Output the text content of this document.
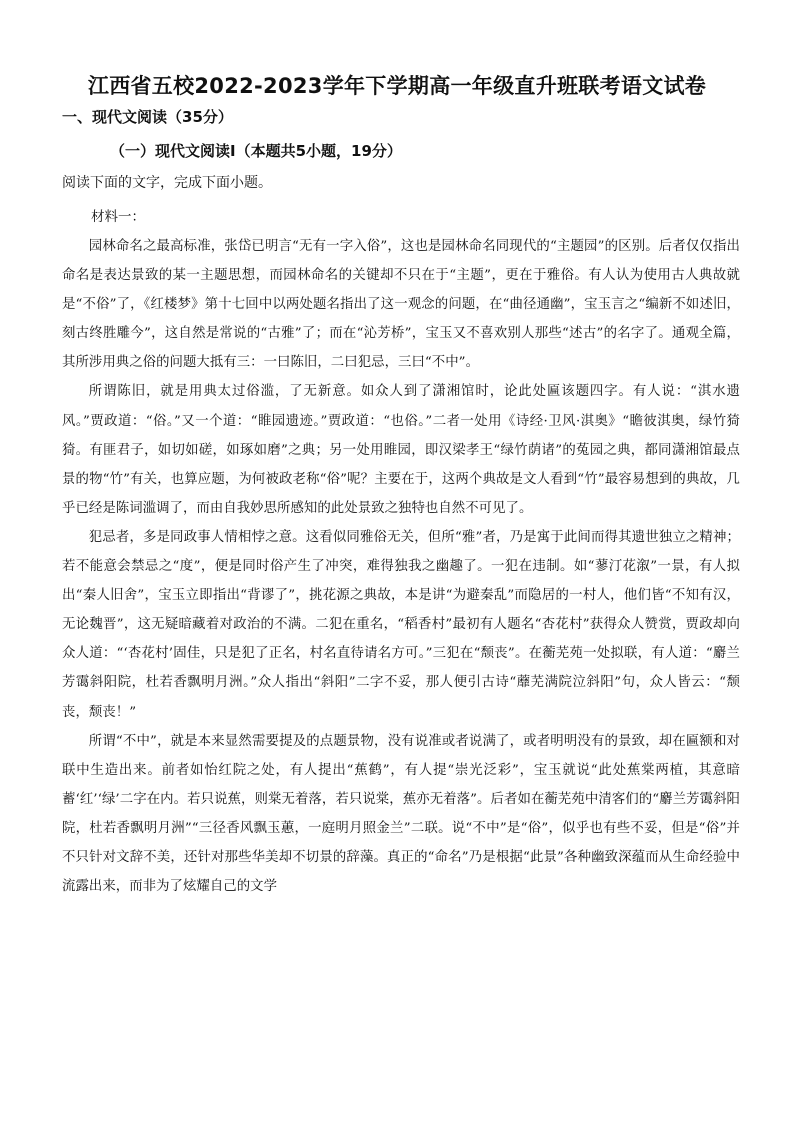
江西省五校2022-2023学年下学期高一年级直升班联考语文试卷
一、现代文阅读（35分）
（一）现代文阅读Ⅰ（本题共5小题，19分）

阅读下面的文字，完成下面小题。

材料一：

园林命名之最高标准，张岱已明言“无有一字入俗”，这也是园林命名同现代的“主题园”的区别。后者仅仅指出命名是表达景致的某一主题思想，而园林命名的关键却不只在于“主题”，更在于雅俗。有人认为使用古人典故就是“不俗”了，《红楼梦》第十七回中以两处题名指出了这一观念的问题，在“曲径通幽”，宝玉言之“编新不如述旧，刻古终胜雕今”，这自然是常说的“古雅”了；而在“沁芳桥”，宝玉又不喜欢别人那些“述古”的名字了。通观全篇，其所涉用典之俗的问题大抵有三：一曰陈旧，二曰犯忌，三曰“不中”。

所谓陈旧，就是用典太过俗滥，了无新意。如众人到了潇湘馆时，论此处匾该题四字。有人说：“淇水遗风。”贾政道：“俗。”又一个道：“睢园遗迹。”贾政道：“也俗。”二者一处用《诗经·卫风·淇奥》“瞻彼淇奥，绿竹猗猗。有匪君子，如切如磋，如琢如磨”之典；另一处用睢园，即汉梁孝王“绿竹荫诸”的菟园之典，都同潇湘馆最点景的物“竹”有关，也算应题，为何被政老称“俗”呢？主要在于，这两个典故是文人看到“竹”最容易想到的典故，几乎已经是陈词滥调了，而由自我妙思所感知的此处景致之独特也自然不可见了。

犯忌者，多是同政事人情相悖之意。这看似同雅俗无关，但所“雅”者，乃是寓于此间而得其遗世独立之精神；若不能意会禁忌之“度”，便是同时俗产生了冲突，难得独我之幽趣了。一犯在违制。如“蓼汀花溆”一景，有人拟出“秦人旧舍”，宝玉立即指出“背谬了”，挑花源之典故，本是讲“为避秦乱”而隐居的一村人，他们皆“不知有汉，无论魏晋”，这无疑暗藏着对政治的不满。二犯在重名，“稻香村”最初有人题名“杏花村”获得众人赞赏，贾政却向众人道：“‘杏花村’固佳，只是犯了正名，村名直待请名方可。”三犯在“颓丧”。在蘅芜苑一处拟联，有人道：“麝兰芳霭斜阳院，杜若香飘明月洲。”众人指出“斜阳”二字不妥，那人便引古诗“蘼芜满院泣斜阳”句，众人皆云：“颓丧，颓丧！”

所谓“不中”，就是本来显然需要提及的点题景物，没有说准或者说满了，或者明明没有的景致，却在匾额和对联中生造出来。前者如怡红院之处，有人提出“蕉鹤”，有人提“崇光泛彩”，宝玉就说“此处蕉棠两植，其意暗蓄‘红’‘绿’二字在内。若只说蕉，则棠无着落，若只说棠，蕉亦无着落”。后者如在蘅芜苑中清客们的“麝兰芳霭斜阳院，杜若香飘明月洲”“三径香风飘玉蕙，一庭明月照金兰”二联。说“不中”是“俗”，似乎也有些不妥，但是“俗”并不只针对文辞不美，还针对那些华美却不切景的辞藻。真正的“命名”乃是根据“此景”各种幽致深蕴而从生命经验中流露出来，而非为了炫耀自己的文学
